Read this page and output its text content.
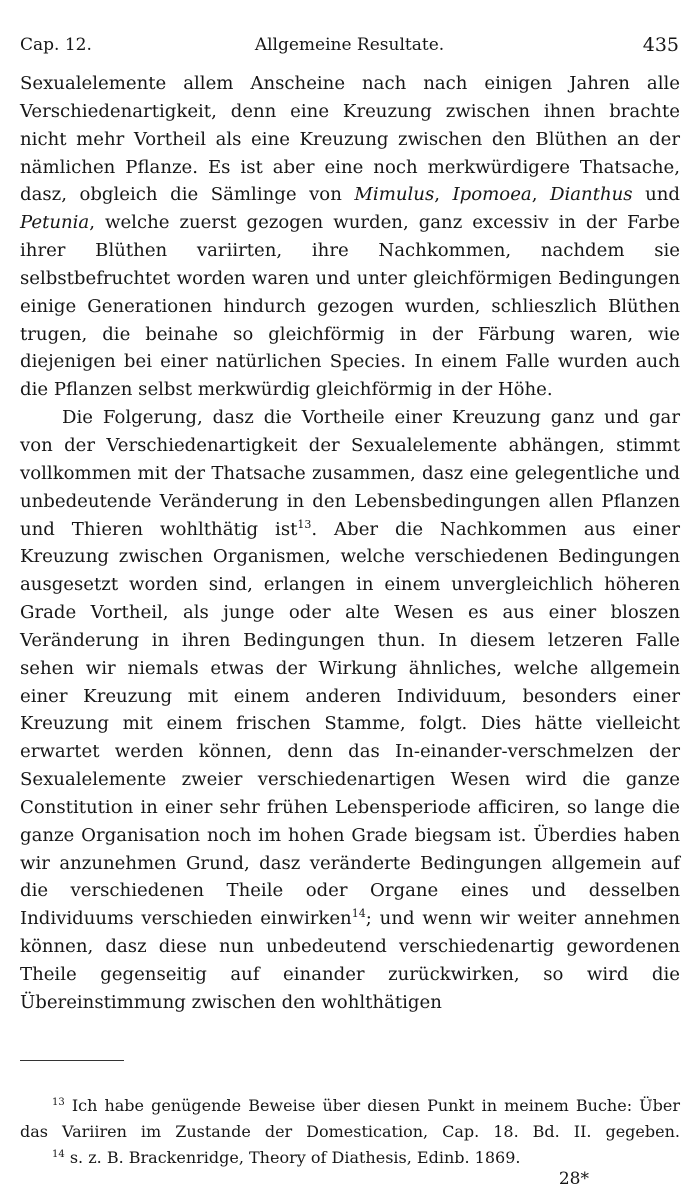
Cap. 12.	Allgemeine Resultate.	435

Sexualelemente allem Anscheine nach nach einigen Jahren alle Verschiedenartigkeit, denn eine Kreuzung zwischen ihnen brachte nicht mehr Vortheil als eine Kreuzung zwischen den Blüthen an der nämlichen Pflanze. Es ist aber eine noch merkwürdigere Thatsache, dasz, obgleich die Sämlinge von Mimulus, Ipomoea, Dianthus und Petunia, welche zuerst gezogen wurden, ganz excessiv in der Farbe ihrer Blüthen variirten, ihre Nachkommen, nachdem sie selbstbefruchtet worden waren und unter gleichförmigen Bedingungen einige Generationen hindurch gezogen wurden, schlieszlich Blüthen trugen, die beinahe so gleichförmig in der Färbung waren, wie diejenigen bei einer natürlichen Species. In einem Falle wurden auch die Pflanzen selbst merkwürdig gleichförmig in der Höhe.

Die Folgerung, dasz die Vortheile einer Kreuzung ganz und gar von der Verschiedenartigkeit der Sexualelemente abhängen, stimmt vollkommen mit der Thatsache zusammen, dasz eine gelegentliche und unbedeutende Veränderung in den Lebensbedingungen allen Pflanzen und Thieren wohlthätig ist$^{13}$. Aber die Nachkommen aus einer Kreuzung zwischen Organismen, welche verschiedenen Bedingungen ausgesetzt worden sind, erlangen in einem unvergleichlich höheren Grade Vortheil, als junge oder alte Wesen es aus einer bloszen Veränderung in ihren Bedingungen thun. In diesem letzeren Falle sehen wir niemals etwas der Wirkung ähnliches, welche allgemein einer Kreuzung mit einem anderen Individuum, besonders einer Kreuzung mit einem frischen Stamme, folgt. Dies hätte vielleicht erwartet werden können, denn das In-einander-verschmelzen der Sexualelemente zweier verschiedenartigen Wesen wird die ganze Constitution in einer sehr frühen Lebensperiode afficiren, so lange die ganze Organisation noch im hohen Grade biegsam ist. Überdies haben wir anzunehmen Grund, dasz veränderte Bedingungen allgemein auf die verschiedenen Theile oder Organe eines und desselben Individuums verschieden einwirken$^{14}$; und wenn wir weiter annehmen können, dasz diese nun unbedeutend verschiedenartig gewordenen Theile gegenseitig auf einander zurückwirken, so wird die Übereinstimmung zwischen den wohlthätigen

$^{13}$ Ich habe genügende Beweise über diesen Punkt in meinem Buche: Über das Variiren im Zustande der Domestication, Cap. 18. Bd. II. gegeben.

$^{14}$ s. z. B. Brackenridge, Theory of Diathesis, Edinb. 1869.

28*
